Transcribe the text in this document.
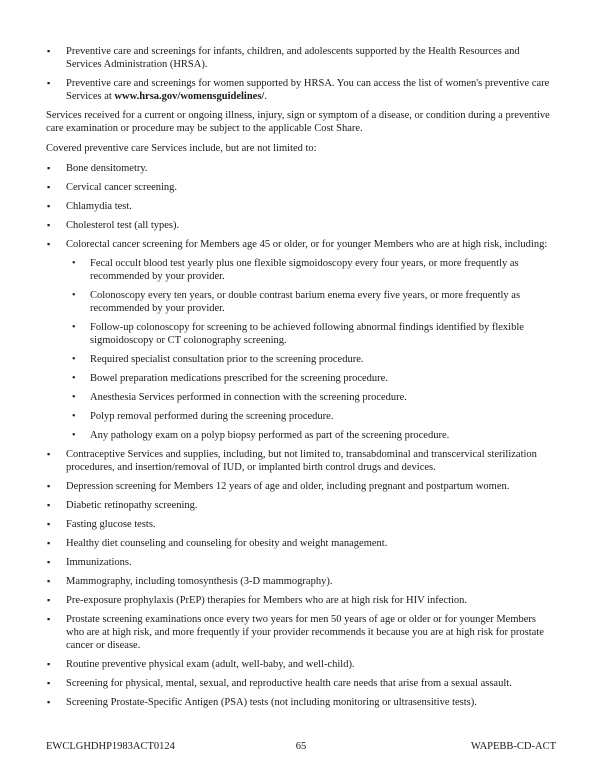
▪ Preventive care and screenings for infants, children, and adolescents supported by the Health Resources and Services Administration (HRSA).
▪ Preventive care and screenings for women supported by HRSA. You can access the list of women's preventive care Services at www.hrsa.gov/womensguidelines/.

Services received for a current or ongoing illness, injury, sign or symptom of a disease, or condition during a preventive care examination or procedure may be subject to the applicable Cost Share.

Covered preventive care Services include, but are not limited to:

▪ Bone densitometry.
▪ Cervical cancer screening.
▪ Chlamydia test.
▪ Cholesterol test (all types).
▪ Colorectal cancer screening for Members age 45 or older, or for younger Members who are at high risk, including:
• Fecal occult blood test yearly plus one flexible sigmoidoscopy every four years, or more frequently as recommended by your provider.
• Colonoscopy every ten years, or double contrast barium enema every five years, or more frequently as recommended by your provider.
• Follow-up colonoscopy for screening to be achieved following abnormal findings identified by flexible sigmoidoscopy or CT colonography screening.
• Required specialist consultation prior to the screening procedure.
• Bowel preparation medications prescribed for the screening procedure.
• Anesthesia Services performed in connection with the screening procedure.
• Polyp removal performed during the screening procedure.
• Any pathology exam on a polyp biopsy performed as part of the screening procedure.
▪ Contraceptive Services and supplies, including, but not limited to, transabdominal and transcervical sterilization procedures, and insertion/removal of IUD, or implanted birth control drugs and devices.
▪ Depression screening for Members 12 years of age and older, including pregnant and postpartum women.
▪ Diabetic retinopathy screening.
▪ Fasting glucose tests.
▪ Healthy diet counseling and counseling for obesity and weight management.
▪ Immunizations.
▪ Mammography, including tomosynthesis (3-D mammography).
▪ Pre-exposure prophylaxis (PrEP) therapies for Members who are at high risk for HIV infection.
▪ Prostate screening examinations once every two years for men 50 years of age or older or for younger Members who are at high risk, and more frequently if your provider recommends it because you are at high risk for prostate cancer or disease.
▪ Routine preventive physical exam (adult, well-baby, and well-child).
▪ Screening for physical, mental, sexual, and reproductive health care needs that arise from a sexual assault.
▪ Screening Prostate-Specific Antigen (PSA) tests (not including monitoring or ultrasensitive tests).
EWCLGHDHP1983ACT0124	65	WAPEBB-CD-ACT
